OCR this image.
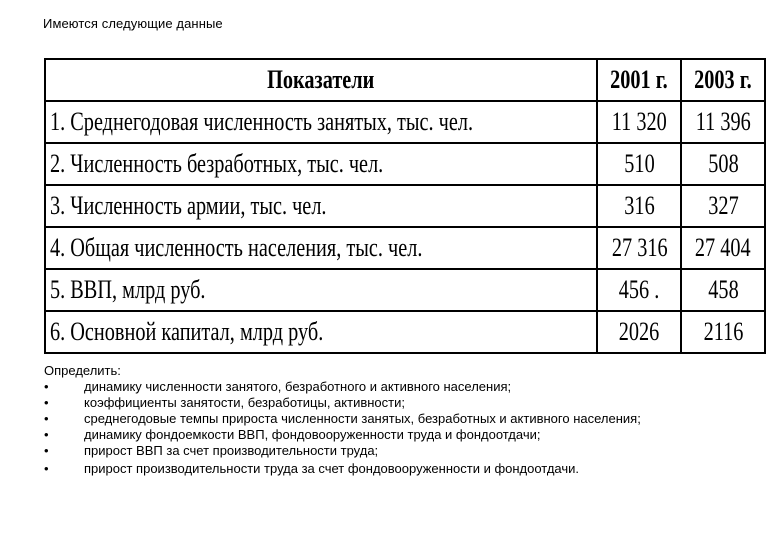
Имеются следующие данные
Показатели	2001 г.	2003 г.
1. Среднегодовая численность занятых, тыс. чел.	11 320	11 396
2. Численность безработных, тыс. чел.	510	508
3. Численность армии, тыс. чел.	316	327
4. Общая численность населения, тыс. чел.	27 316	27 404
5. ВВП, млрд руб.	456 .	458
6. Основной капитал, млрд руб.	2026	2116
Определить:
•	динамику численности занятого, безработного и активного населения;
•	коэффициенты занятости, безработицы, активности;
•	среднегодовые темпы прироста численности занятых, безработных и активного населения;
•	динамику фондоемкости ВВП, фондовооруженности труда и фондоотдачи;
•	прирост ВВП за счет производительности труда;
•	прирост производительности труда за счет фондовооруженности и фондоотдачи.
